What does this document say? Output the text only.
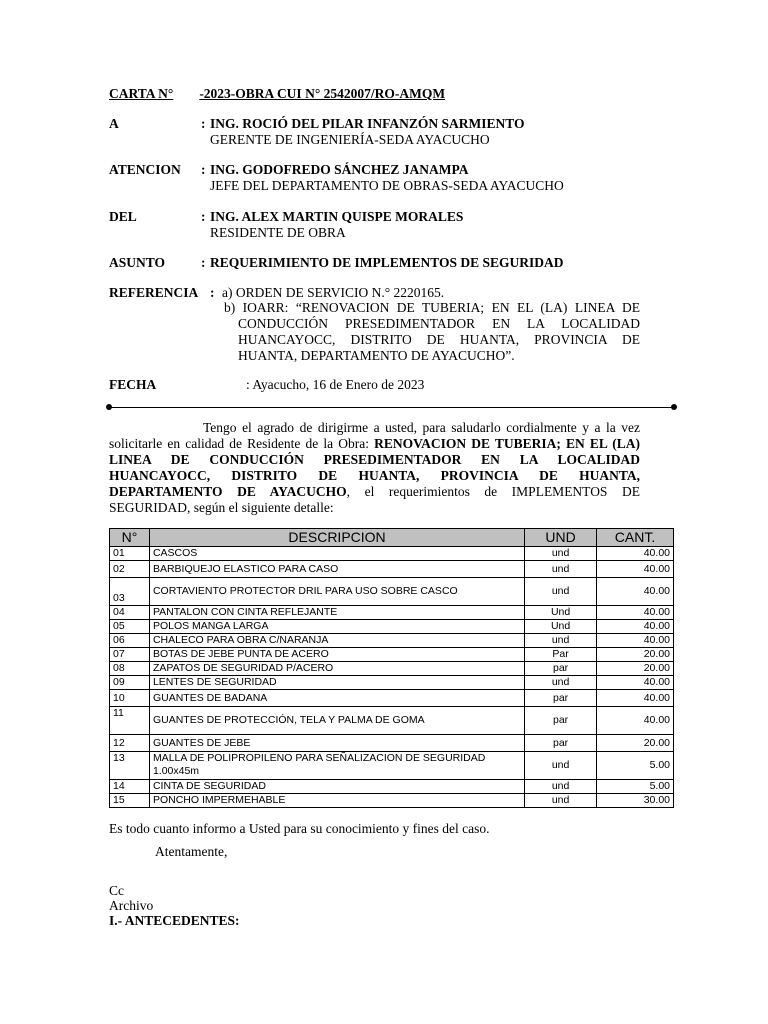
CARTA N° -2023-OBRA CUI N° 2542007/RO-AMQM
A	: ING. ROCIÓ DEL PILAR INFANZÓN SARMIENTO
GERENTE DE INGENIERÍA-SEDA AYACUCHO
ATENCION : ING. GODOFREDO SÁNCHEZ JANAMPA
JEFE DEL DEPARTAMENTO DE OBRAS-SEDA AYACUCHO
DEL	: ING. ALEX MARTIN QUISPE MORALES
RESIDENTE DE OBRA
ASUNTO	: REQUERIMIENTO DE IMPLEMENTOS DE SEGURIDAD
REFERENCIA : a) ORDEN DE SERVICIO N.° 2220165.
b) IOARR: “RENOVACION DE TUBERIA; EN EL (LA) LINEA DE
CONDUCCIÓN PRESEDIMENTADOR EN LA LOCALIDAD HUANCAYOCC, DISTRITO DE HUANTA, PROVINCIA DE HUANTA, DEPARTAMENTO DE AYACUCHO”.
FECHA	: Ayacucho, 16 de Enero de 2023
Tengo el agrado de dirigirme a usted, para saludarlo cordialmente y a la vez solicitarle en calidad de Residente de la Obra: RENOVACION DE TUBERIA; EN EL (LA) LINEA DE CONDUCCIÓN PRESEDIMENTADOR EN LA LOCALIDAD HUANCAYOCC, DISTRITO DE HUANTA, PROVINCIA DE HUANTA, DEPARTAMENTO DE AYACUCHO, el requerimientos de IMPLEMENTOS DE SEGURIDAD, según el siguiente detalle:
N°	DESCRIPCION	UND	CANT.
01	CASCOS	und	40.00
02	BARBIQUEJO ELASTICO PARA CASO	und	40.00
03	CORTAVIENTO PROTECTOR DRIL PARA USO SOBRE CASCO	und	40.00
04	PANTALON CON CINTA REFLEJANTE	Und	40.00
05	POLOS MANGA LARGA	Und	40.00
06	CHALECO PARA OBRA C/NARANJA	und	40.00
07	BOTAS DE JEBE PUNTA DE ACERO	Par	20.00
08	ZAPATOS DE SEGURIDAD P/ACERO	par	20.00
09	LENTES DE SEGURIDAD	und	40.00
10	GUANTES DE BADANA	par	40.00
11	GUANTES DE PROTECCIÓN, TELA Y PALMA DE GOMA	par	40.00
12	GUANTES DE JEBE	par	20.00
13	MALLA DE POLIPROPILENO PARA SEÑALIZACION DE SEGURIDAD
1.00x45m	und	5.00
14	CINTA DE SEGURIDAD	und	5.00
15	PONCHO IMPERMEHABLE	und	30.00
Es todo cuanto informo a Usted para su conocimiento y fines del caso.
Atentamente,
Cc
Archivo
I.- ANTECEDENTES:
